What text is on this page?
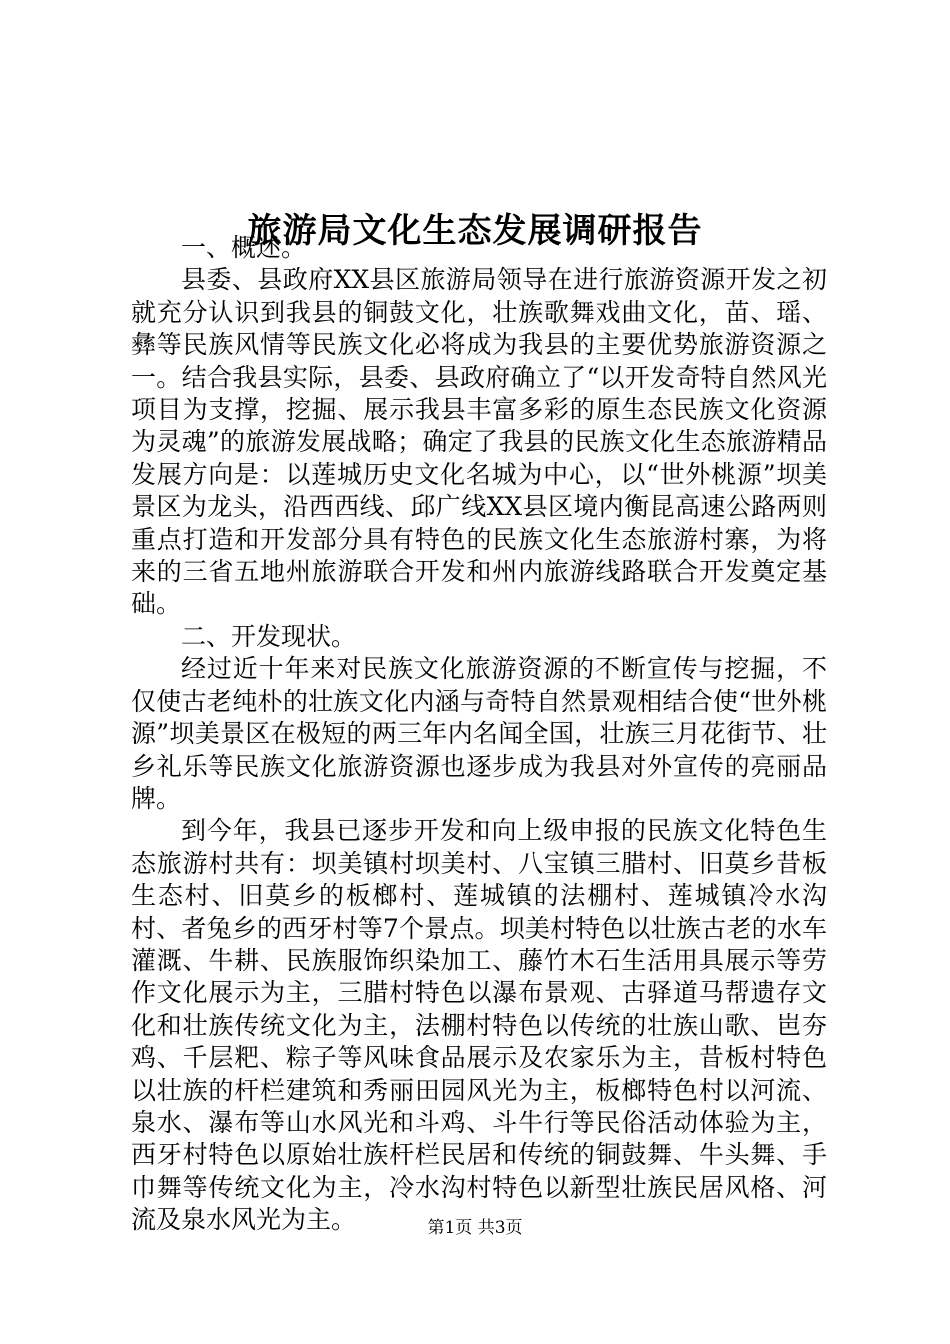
旅游局文化生态发展调研报告

一、概述。

县委、县政府XX县区旅游局领导在进行旅游资源开发之初就充分认识到我县的铜鼓文化，壮族歌舞戏曲文化，苗、瑶、彝等民族风情等民族文化必将成为我县的主要优势旅游资源之一。结合我县实际，县委、县政府确立了“以开发奇特自然风光项目为支撑，挖掘、展示我县丰富多彩的原生态民族文化资源为灵魂”的旅游发展战略；确定了我县的民族文化生态旅游精品发展方向是：以莲城历史文化名城为中心，以“世外桃源”坝美景区为龙头，沿西西线、邱广线XX县区境内衡昆高速公路两则重点打造和开发部分具有特色的民族文化生态旅游村寨，为将来的三省五地州旅游联合开发和州内旅游线路联合开发奠定基础。

二、开发现状。

经过近十年来对民族文化旅游资源的不断宣传与挖掘，不仅使古老纯朴的壮族文化内涵与奇特自然景观相结合使“世外桃源”坝美景区在极短的两三年内名闻全国，壮族三月花街节、壮乡礼乐等民族文化旅游资源也逐步成为我县对外宣传的亮丽品牌。

到今年，我县已逐步开发和向上级申报的民族文化特色生态旅游村共有：坝美镇村坝美村、八宝镇三腊村、旧莫乡昔板生态村、旧莫乡的板榔村、莲城镇的法棚村、莲城镇冷水沟村、者兔乡的西牙村等7个景点。坝美村特色以壮族古老的水车灌溉、牛耕、民族服饰织染加工、藤竹木石生活用具展示等劳作文化展示为主，三腊村特色以瀑布景观、古驿道马帮遗存文化和壮族传统文化为主，法棚村特色以传统的壮族山歌、岜夯鸡、千层粑、粽子等风味食品展示及农家乐为主，昔板村特色以壮族的杆栏建筑和秀丽田园风光为主，板榔特色村以河流、泉水、瀑布等山水风光和斗鸡、斗牛行等民俗活动体验为主，西牙村特色以原始壮族杆栏民居和传统的铜鼓舞、牛头舞、手巾舞等传统文化为主，冷水沟村特色以新型壮族民居风格、河流及泉水风光为主。	第1页 共3页
